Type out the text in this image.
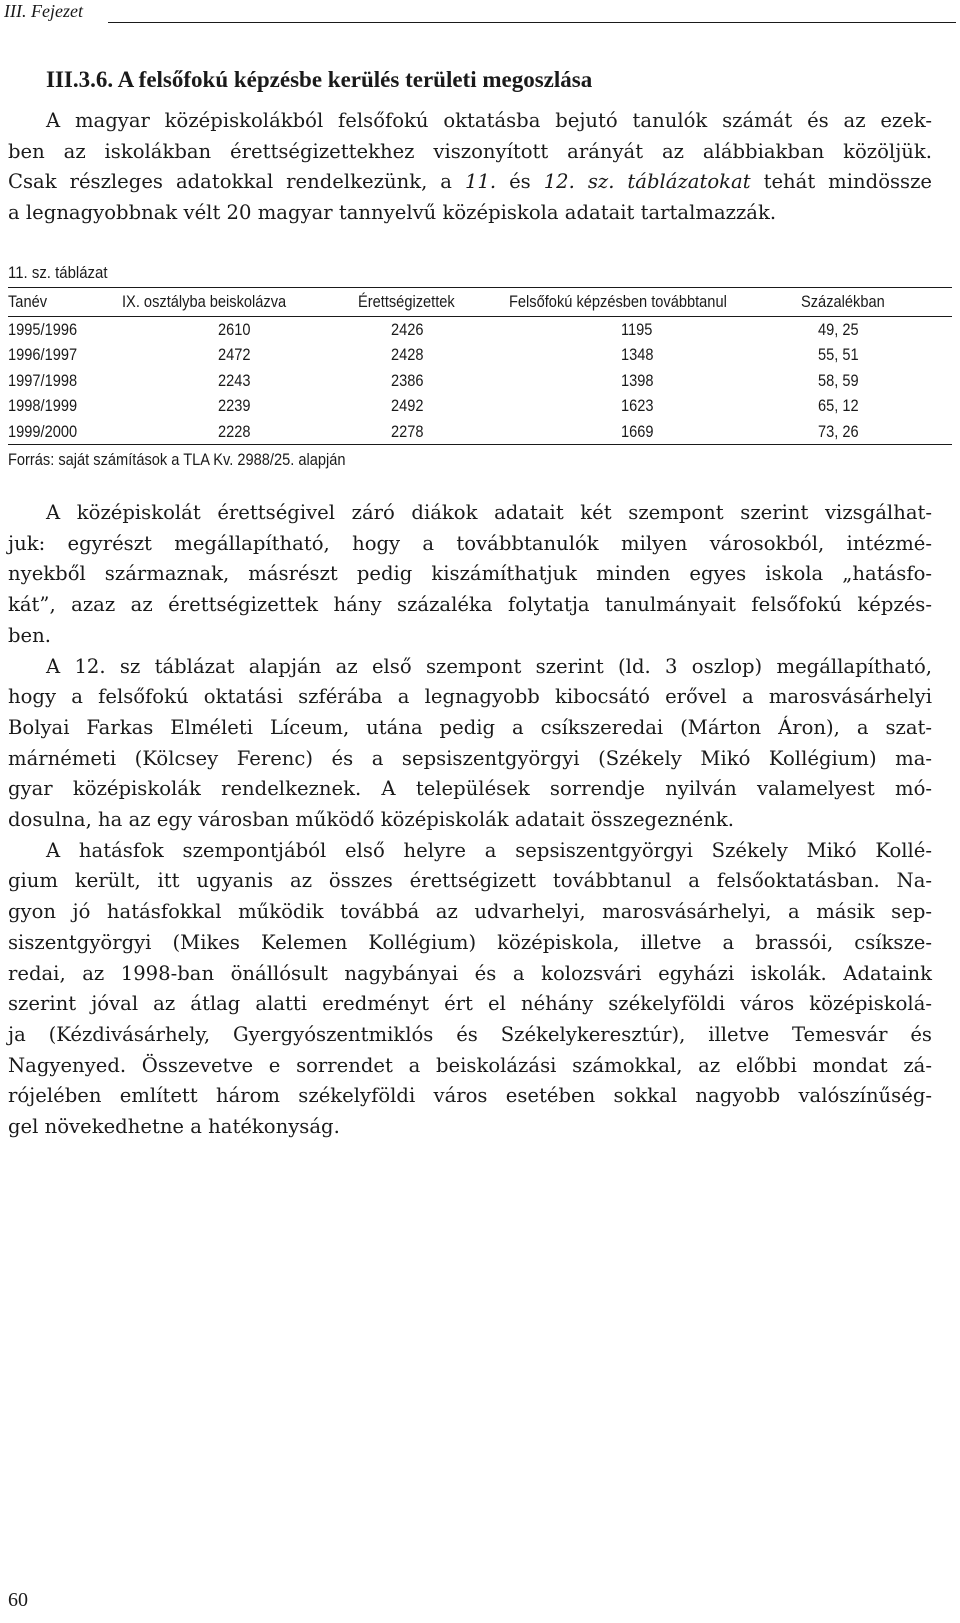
III. Fejezet
III.3.6. A felsőfokú képzésbe kerülés területi megoszlása
A magyar középiskolákból felsőfokú oktatásba bejutó tanulók számát és az ezek-
ben az iskolákban érettségizettekhez viszonyított arányát az alábbiakban közöljük.
Csak részleges adatokkal rendelkezünk, a 11. és 12. sz. táblázatokat tehát mindössze
a legnagyobbnak vélt 20 magyar tannyelvű középiskola adatait tartalmazzák.
11. sz. táblázat
Tanév	IX. osztályba beiskolázva	Érettségizettek	Felsőfokú képzésben továbbtanul	Százalékban
1995/1996	2610	2426	1195	49, 25
1996/1997	2472	2428	1348	55, 51
1997/1998	2243	2386	1398	58, 59
1998/1999	2239	2492	1623	65, 12
1999/2000	2228	2278	1669	73, 26
Forrás: saját számítások a TLA Kv. 2988/25. alapján
A középiskolát érettségivel záró diákok adatait két szempont szerint vizsgálhat-
juk: egyrészt megállapítható, hogy a továbbtanulók milyen városokból, intézmé-
nyekből származnak, másrészt pedig kiszámíthatjuk minden egyes iskola „hatásfo-
kát”, azaz az érettségizettek hány százaléka folytatja tanulmányait felsőfokú képzés-
ben.
A 12. sz táblázat alapján az első szempont szerint (ld. 3 oszlop) megállapítható,
hogy a felsőfokú oktatási szférába a legnagyobb kibocsátó erővel a marosvásárhelyi
Bolyai Farkas Elméleti Líceum, utána pedig a csíkszeredai (Márton Áron), a szat-
márnémeti (Kölcsey Ferenc) és a sepsiszentgyörgyi (Székely Mikó Kollégium) ma-
gyar középiskolák rendelkeznek. A települések sorrendje nyilván valamelyest mó-
dosulna, ha az egy városban működő középiskolák adatait összegeznénk.
A hatásfok szempontjából első helyre a sepsiszentgyörgyi Székely Mikó Kollé-
gium került, itt ugyanis az összes érettségizett továbbtanul a felsőoktatásban. Na-
gyon jó hatásfokkal működik továbbá az udvarhelyi, marosvásárhelyi, a másik sep-
siszentgyörgyi (Mikes Kelemen Kollégium) középiskola, illetve a brassói, csíksze-
redai, az 1998-ban önállósult nagybányai és a kolozsvári egyházi iskolák. Adataink
szerint jóval az átlag alatti eredményt ért el néhány székelyföldi város középiskolá-
ja (Kézdivásárhely, Gyergyószentmiklós és Székelykeresztúr), illetve Temesvár és
Nagyenyed. Összevetve e sorrendet a beiskolázási számokkal, az előbbi mondat zá-
rójelében említett három székelyföldi város esetében sokkal nagyobb valószínűség-
gel növekedhetne a hatékonyság.
60
